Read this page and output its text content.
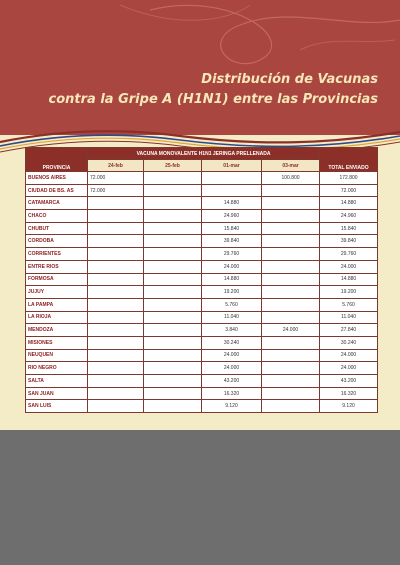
Distribución de Vacunas
contra la Gripe A (H1N1) entre las Provincias
PROVINCIA	VACUNA MONOVALENTE H1N1 JERINGA PRELLENADA				TOTAL ENVIADO
	24-feb	25-feb	01-mar	03-mar	
BUENOS AIRES	72.000			100.800	172.800
CIUDAD DE BS. AS	72.000				72.000
CATAMARCA			14.880		14.880
CHACO			24.960		24.960
CHUBUT			15.840		15.840
CORDOBA			39.840		39.840
CORRIENTES			29.760		29.760
ENTRE RIOS			24.000		24.000
FORMOSA			14.880		14.880
JUJUY			19.200		19.200
LA PAMPA			5.760		5.760
LA RIOJA			11.040		11.040
MENDOZA			3.840	24.000	27.840
MISIONES			30.240		30.240
NEUQUEN			24.000		24.000
RIO NEGRO			24.000		24.000
SALTA			43.200		43.200
SAN JUAN			16.320		16.320
SAN LUIS			9.120		9.120
